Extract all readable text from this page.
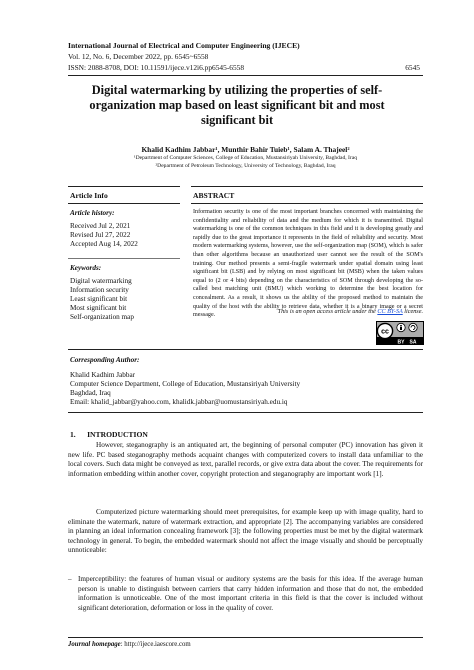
International Journal of Electrical and Computer Engineering (IJECE)
Vol. 12, No. 6, December 2022, pp. 6545~6558
ISSN: 2088-8708, DOI: 10.11591/ijece.v12i6.pp6545-6558	6545
Digital watermarking by utilizing the properties of self-organization map based on least significant bit and most significant bit
Khalid Kadhim Jabbar¹, Munthir Bahir Tuieb¹, Salam A. Thajeel²
¹Department of Computer Sciences, College of Education, Mustansiriyah University, Baghdad, Iraq
²Department of Petroleum Technology, University of Technology, Baghdad, Iraq
Article Info
Article history:
Received Jul 2, 2021
Revised Jul 27, 2022
Accepted Aug 14, 2022
Keywords:
Digital watermarking
Information security
Least significant bit
Most significant bit
Self-organization map
ABSTRACT
Information security is one of the most important branches concerned with maintaining the confidentiality and reliability of data and the medium for which it is transmitted. Digital watermarking is one of the common techniques in this field and it is developing greatly and rapidly due to the great importance it represents in the field of reliability and security. Most modern watermarking systems, however, use the self-organization map (SOM), which is safer than other algorithms because an unauthorized user cannot see the result of the SOM's training. Our method presents a semi-fragile watermark under spatial domain using least significant bit (LSB) and by relying on most significant bit (MSB) when the taken values equal to (2 or 4 bits) depending on the characteristics of SOM through developing the so-called best matching unit (BMU) which working to determine the best location for concealment. As a result, it shows us the ability of the proposed method to maintain the quality of the host with the ability to retrieve data, whether it is a binary image or a secret message.
This is an open access article under the CC BY-SA license.
cc
BY SA
Corresponding Author:
Khalid Kadhim Jabbar
Computer Science Department, College of Education, Mustansiriyah University
Baghdad, Iraq
Email: khalid_jabbar@yahoo.com, khalidk.jabbar@uomustansiriyah.edu.iq
1.      INTRODUCTION
However, steganography is an antiquated art, the beginning of personal computer (PC) innovation has given it new life. PC based steganography methods acquaint changes with computerized covers to install data unfamiliar to the local covers. Such data might be conveyed as text, parallel records, or give extra data about the cover. The requirements for information embedding within another cover, copyright protection and steganography are important work [1].
Computerized picture watermarking should meet prerequisites, for example keep up with image quality, hard to eliminate the watermark, nature of watermark extraction, and appropriate [2]. The accompanying variables are considered in planning an ideal information concealing framework [3]; the following properties must be met by the digital watermark technology in general. To begin, the embedded watermark should not affect the image visually and should be perceptually unnoticeable:
– Imperceptibility: the features of human visual or auditory systems are the basis for this idea. If the average human person is unable to distinguish between carriers that carry hidden information and those that do not, the embedded information is unnoticeable. One of the most important criteria in this field is that the cover is included without significant deterioration, deformation or loss in the quality of cover.
Journal homepage: http://ijece.iaescore.com
